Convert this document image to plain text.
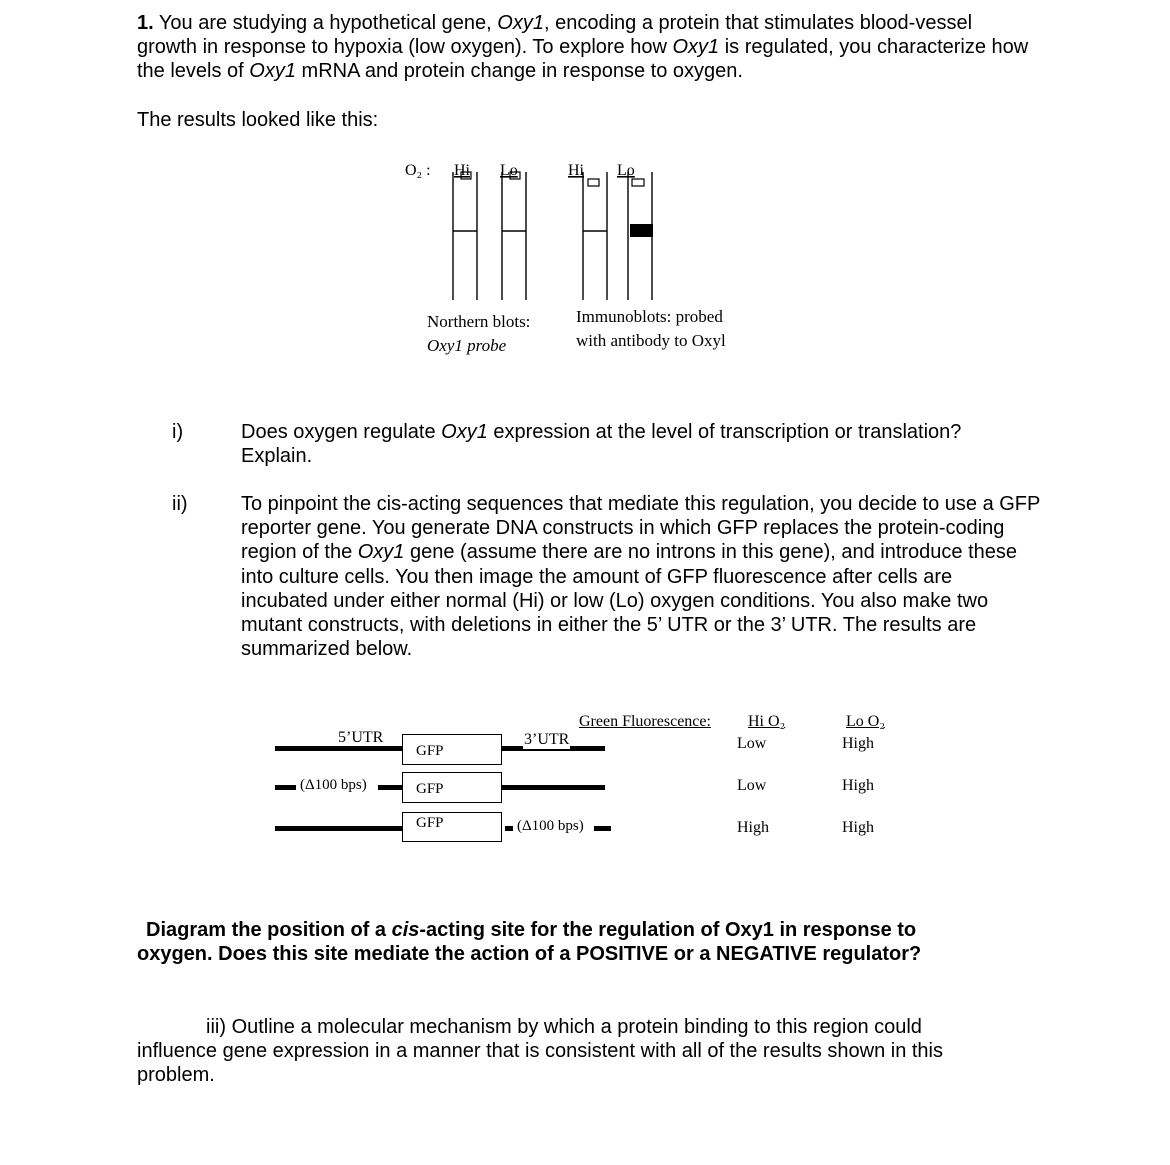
1. You are studying a hypothetical gene, Oxy1, encoding a protein that stimulates blood-vessel growth in response to hypoxia (low oxygen). To explore how Oxy1 is regulated, you characterize how the levels of Oxy1 mRNA and protein change in response to oxygen.
The results looked like this:
O₂ : Hi Lo	Hi Lo
Northern blots:
Oxy1 probe
Immunoblots: probed
with antibody to Oxyl
i)	Does oxygen regulate Oxy1 expression at the level of transcription or translation? Explain.
ii)	To pinpoint the cis-acting sequences that mediate this regulation, you decide to use a GFP reporter gene. You generate DNA constructs in which GFP replaces the protein-coding region of the Oxy1 gene (assume there are no introns in this gene), and introduce these into culture cells. You then image the amount of GFP fluorescence after cells are incubated under either normal (Hi) or low (Lo) oxygen conditions. You also make two mutant constructs, with deletions in either the 5’ UTR or the 3’ UTR. The results are summarized below.
Green Fluorescence: Hi O₂	Lo O₂
5’UTR
GFP
3’UTR	Low	High
(Δ100 bps)	GFP	Low	High
GFP	(Δ100 bps)	High	High
Diagram the position of a cis-acting site for the regulation of Oxy1 in response to oxygen. Does this site mediate the action of a POSITIVE or a NEGATIVE regulator?
iii) Outline a molecular mechanism by which a protein binding to this region could influence gene expression in a manner that is consistent with all of the results shown in this problem.
